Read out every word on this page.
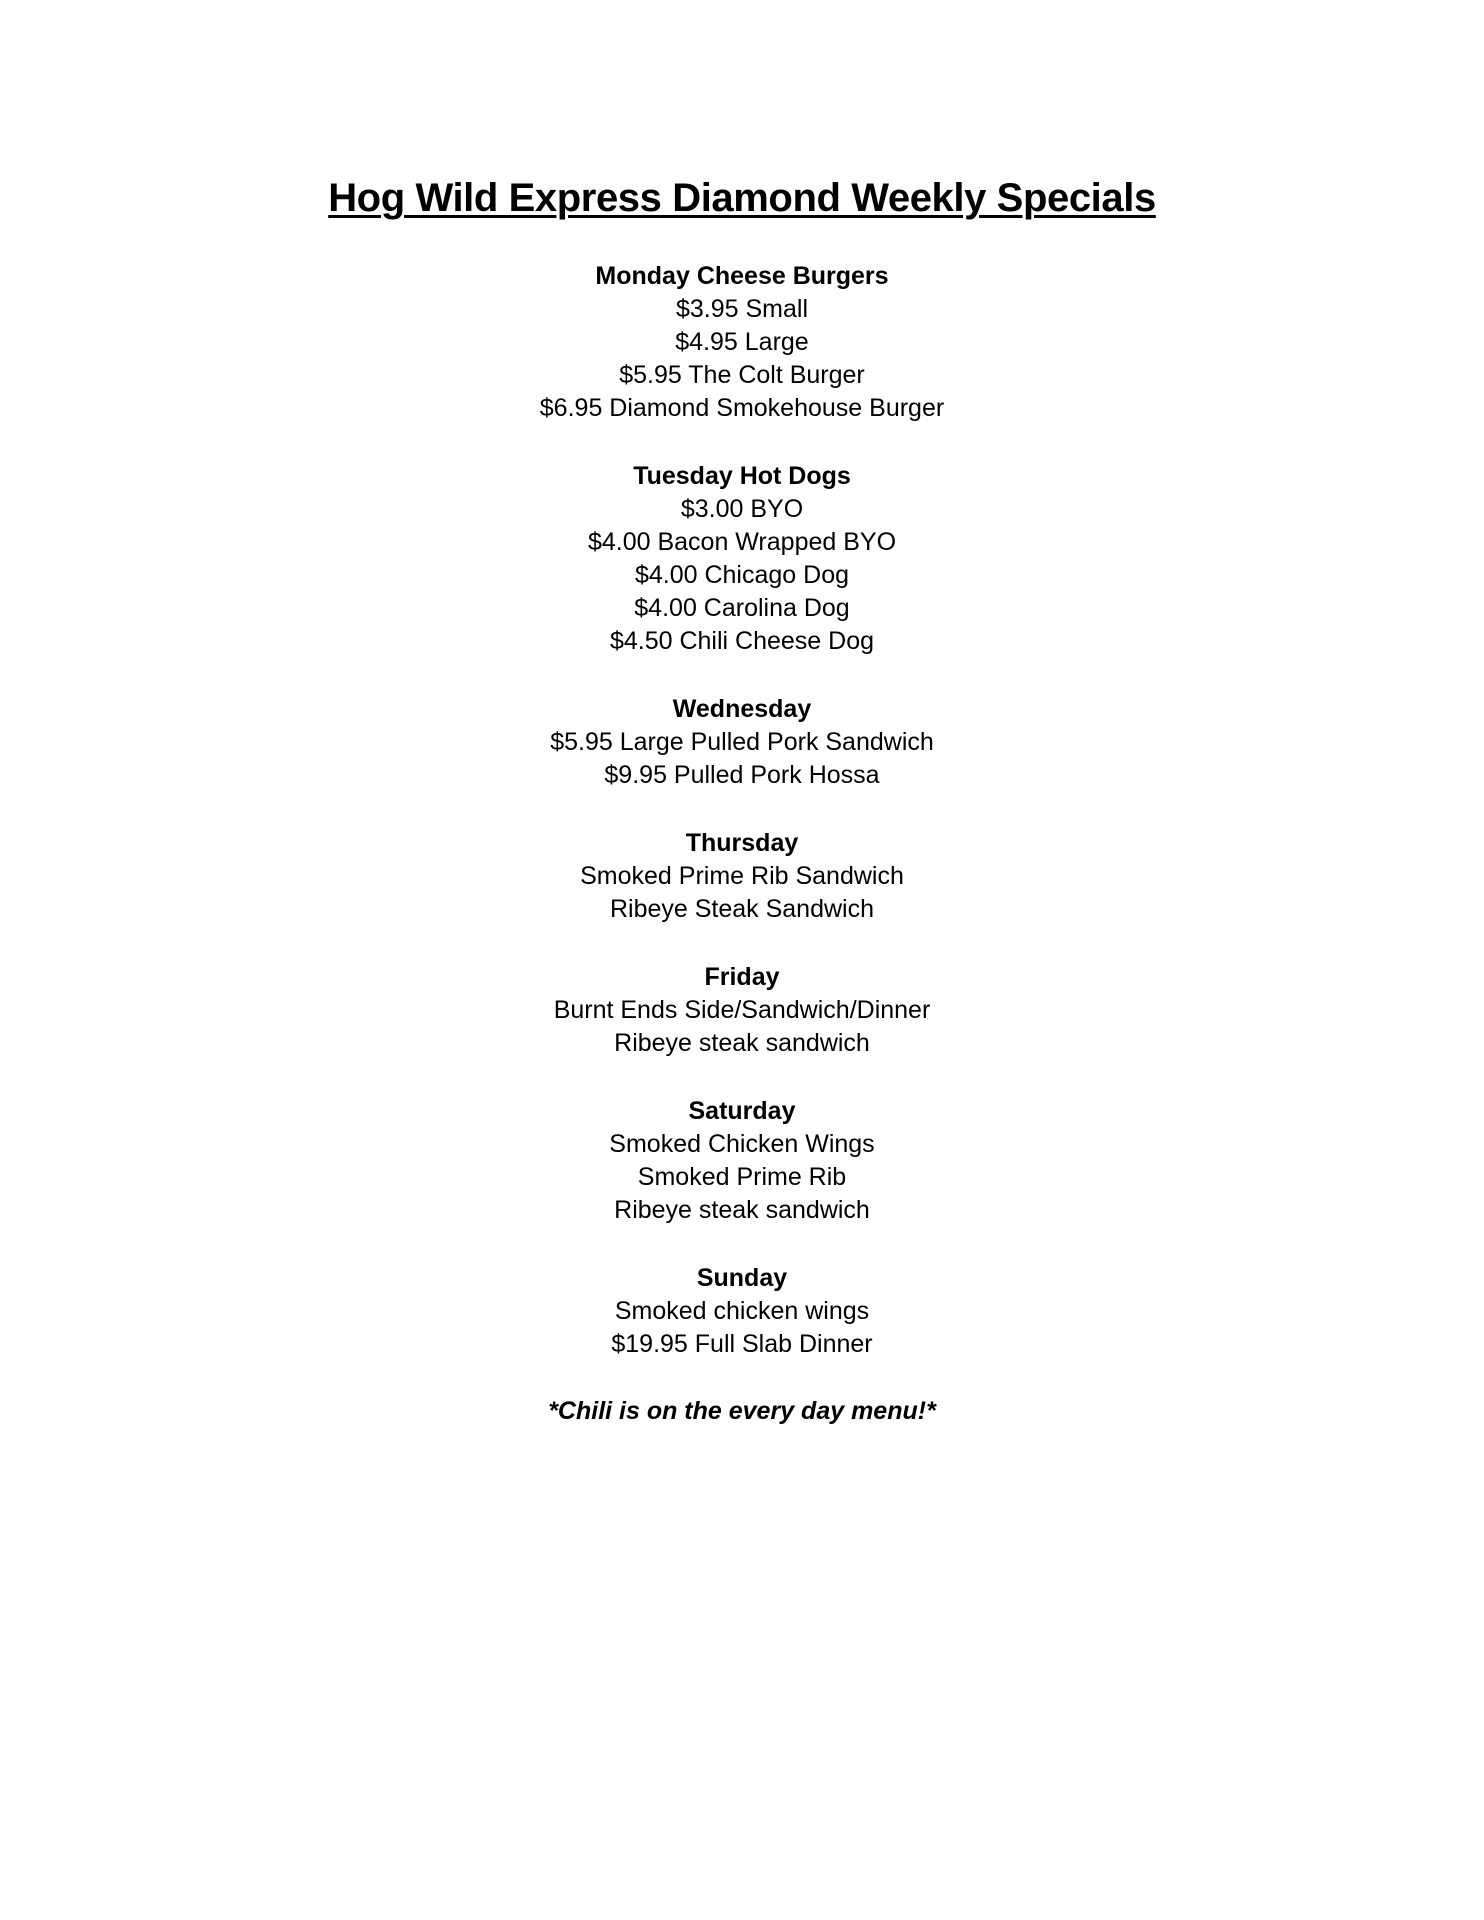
Hog Wild Express Diamond Weekly Specials
Monday Cheese Burgers
$3.95 Small
$4.95 Large
$5.95 The Colt Burger
$6.95 Diamond Smokehouse Burger
Tuesday Hot Dogs
$3.00 BYO
$4.00 Bacon Wrapped BYO
$4.00 Chicago Dog
$4.00 Carolina Dog
$4.50 Chili Cheese Dog
Wednesday
$5.95 Large Pulled Pork Sandwich
$9.95 Pulled Pork Hossa
Thursday
Smoked Prime Rib Sandwich
Ribeye Steak Sandwich
Friday
Burnt Ends Side/Sandwich/Dinner
Ribeye steak sandwich
Saturday
Smoked Chicken Wings
Smoked Prime Rib
Ribeye steak sandwich
Sunday
Smoked chicken wings
$19.95 Full Slab Dinner
*Chili is on the every day menu!*
